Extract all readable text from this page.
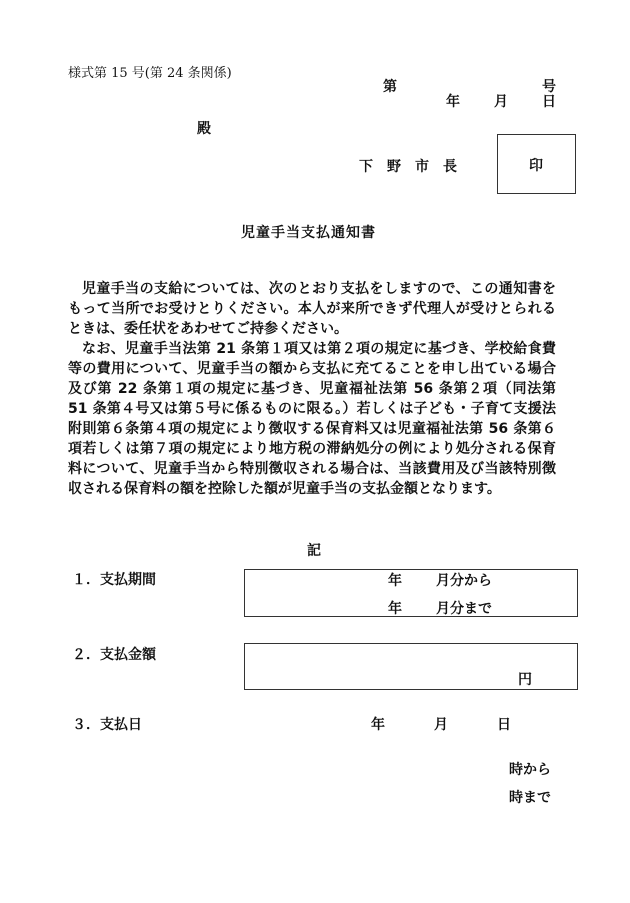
様式第 15 号(第 24 条関係)
第	号
年 月 日
殿
下　野　市　長	印
児童手当支払通知書

児童手当の支給については、次のとおり支払をしますので、この通知書をもって当所でお受けとりください。本人が来所できず代理人が受けとられるときは、委任状をあわせてご持参ください。

なお、児童手当法第 21 条第１項又は第２項の規定に基づき、学校給食費等の費用について、児童手当の額から支払に充てることを申し出ている場合及び第 22 条第１項の規定に基づき、児童福祉法第 56 条第２項（同法第 51 条第４号又は第５号に係るものに限る。）若しくは子ども・子育て支援法附則第６条第４項の規定により徴収する保育料又は児童福祉法第 56 条第６項若しくは第７項の規定により地方税の滞納処分の例により処分される保育料について、児童手当から特別徴収される場合は、当該費用及び当該特別徴収される保育料の額を控除した額が児童手当の支払金額となります。

記
１．支払期間	年 月分から
年 月分まで
２．支払金額
円
３．支払日	年	月	日
時から
時まで
